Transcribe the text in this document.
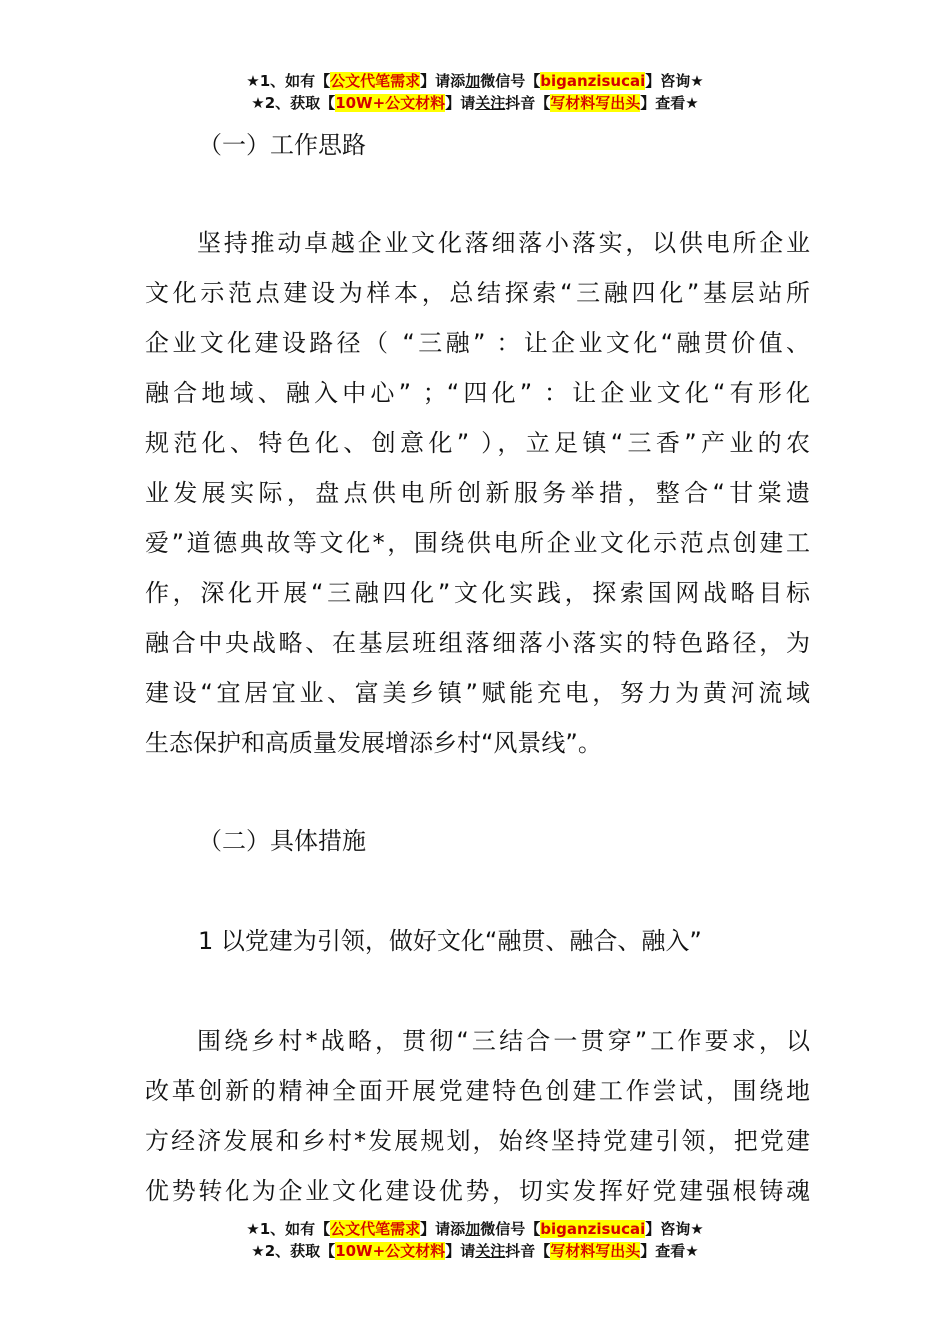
★1、如有【公文代笔需求】请添加微信号【biganzisucai】咨询★
★2、获取【10W+公文材料】请关注抖音【写材料写出头】查看★
（一）工作思路
坚持推动卓越企业文化落细落小落实，以供电所企业
文化示范点建设为样本，总结探索“三融四化”基层站所
企业文化建设路径（ “三融” ：让企业文化“融贯价值、
融合地域、融入中心” ；“四化” ：让企业文化“有形化
规范化、特色化、创意化” ），立足镇“三香”产业的农
业发展实际，盘点供电所创新服务举措，整合“甘棠遗
爱”道德典故等文化*，围绕供电所企业文化示范点创建工
作，深化开展“三融四化”文化实践，探索国网战略目标
融合中央战略、在基层班组落细落小落实的特色路径，为
建设“宜居宜业、富美乡镇”赋能充电，努力为黄河流域
生态保护和高质量发展增添乡村“风景线”。
（二）具体措施
1 以党建为引领，做好文化“融贯、融合、融入”
围绕乡村*战略，贯彻“三结合一贯穿”工作要求，以
改革创新的精神全面开展党建特色创建工作尝试，围绕地
方经济发展和乡村*发展规划，始终坚持党建引领，把党建
优势转化为企业文化建设优势，切实发挥好党建强根铸魂
★1、如有【公文代笔需求】请添加微信号【biganzisucai】咨询★
★2、获取【10W+公文材料】请关注抖音【写材料写出头】查看★
